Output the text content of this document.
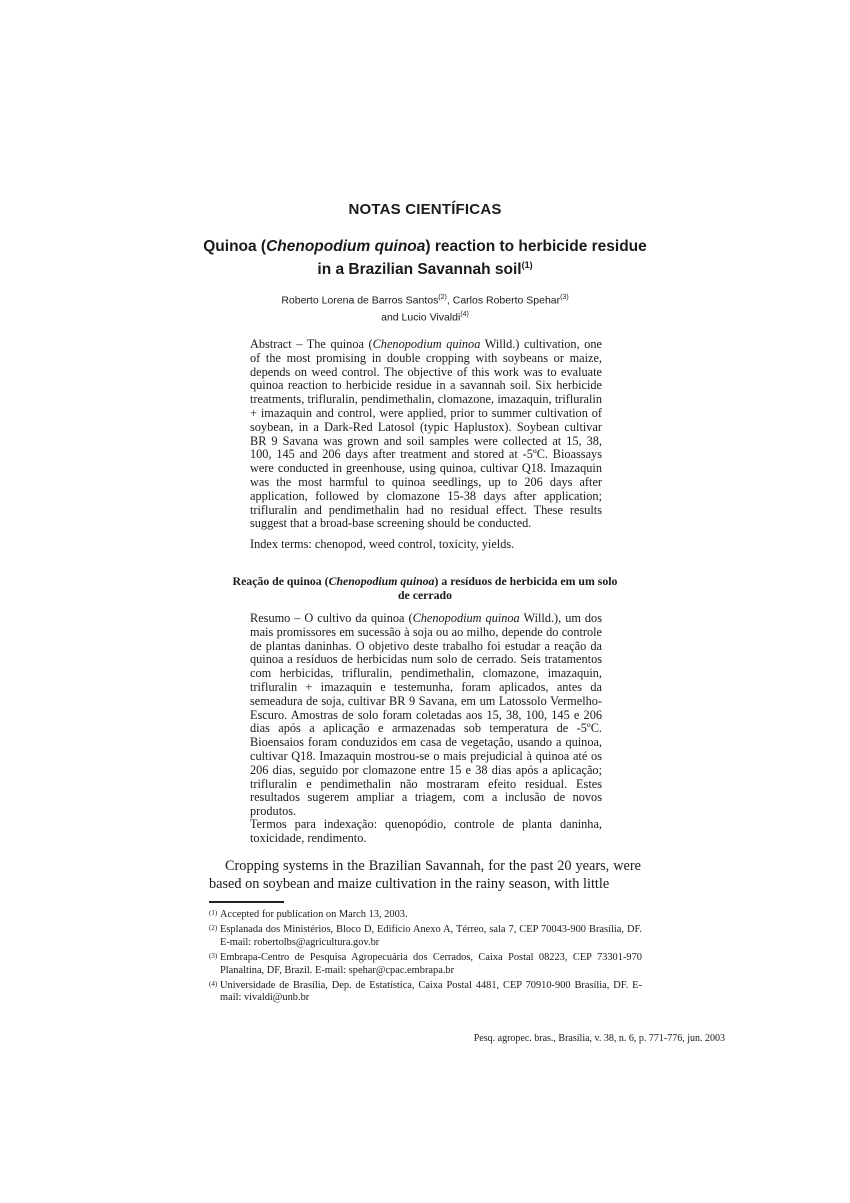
NOTAS CIENTÍFICAS
Quinoa (Chenopodium quinoa) reaction to herbicide residue in a Brazilian Savannah soil$^{(1)}$
Roberto Lorena de Barros Santos$^{(2)}$, Carlos Roberto Spehar$^{(3)}$
and Lucio Vivaldi$^{(4)}$
Abstract – The quinoa (Chenopodium quinoa Willd.) cultivation, one of the most promising in double cropping with soybeans or maize, depends on weed control. The objective of this work was to evaluate quinoa reaction to herbicide residue in a savannah soil. Six herbicide treatments, trifluralin, pendimethalin, clomazone, imazaquin, trifluralin + imazaquin and control, were applied, prior to summer cultivation of soybean, in a Dark-Red Latosol (typic Haplustox). Soybean cultivar BR 9 Savana was grown and soil samples were collected at 15, 38, 100, 145 and 206 days after treatment and stored at -5ºC. Bioassays were conducted in greenhouse, using quinoa, cultivar Q18. Imazaquin was the most harmful to quinoa seedlings, up to 206 days after application, followed by clomazone 15-38 days after application; trifluralin and pendimethalin had no residual effect. These results suggest that a broad-base screening should be conducted.
Index terms: chenopod, weed control, toxicity, yields.
Reação de quinoa (Chenopodium quinoa) a resíduos de herbicida em um solo de cerrado
Resumo – O cultivo da quinoa (Chenopodium quinoa Willd.), um dos mais promissores em sucessão à soja ou ao milho, depende do controle de plantas daninhas. O objetivo deste trabalho foi estudar a reação da quinoa a resíduos de herbicidas num solo de cerrado. Seis tratamentos com herbicidas, trifluralin, pendimethalin, clomazone, imazaquin, trifluralin + imazaquin e testemunha, foram aplicados, antes da semeadura de soja, cultivar BR 9 Savana, em um Latossolo Vermelho-Escuro. Amostras de solo foram coletadas aos 15, 38, 100, 145 e 206 dias após a aplicação e armazenadas sob temperatura de -5ºC. Bioensaios foram conduzidos em casa de vegetação, usando a quinoa, cultivar Q18. Imazaquin mostrou-se o mais prejudicial à quinoa até os 206 dias, seguido por clomazone entre 15 e 38 dias após a aplicação; trifluralin e pendimethalin não mostraram efeito residual. Estes resultados sugerem ampliar a triagem, com a inclusão de novos produtos.
Termos para indexação: quenopódio, controle de planta daninha, toxicidade, rendimento.
Cropping systems in the Brazilian Savannah, for the past 20 years, were based on soybean and maize cultivation in the rainy season, with little
(1) Accepted for publication on March 13, 2003.
(2) Esplanada dos Ministérios, Bloco D, Edifício Anexo A, Térreo, sala 7, CEP 70043-900 Brasília, DF. E-mail: robertolbs@agricultura.gov.br
(3) Embrapa-Centro de Pesquisa Agropecuária dos Cerrados, Caixa Postal 08223, CEP 73301-970 Planaltina, DF, Brazil. E-mail: spehar@cpac.embrapa.br
(4) Universidade de Brasília, Dep. de Estatística, Caixa Postal 4481, CEP 70910-900 Brasília, DF. E-mail: vivaldi@unb.br
Pesq. agropec. bras., Brasília, v. 38, n. 6, p. 771-776, jun. 2003
